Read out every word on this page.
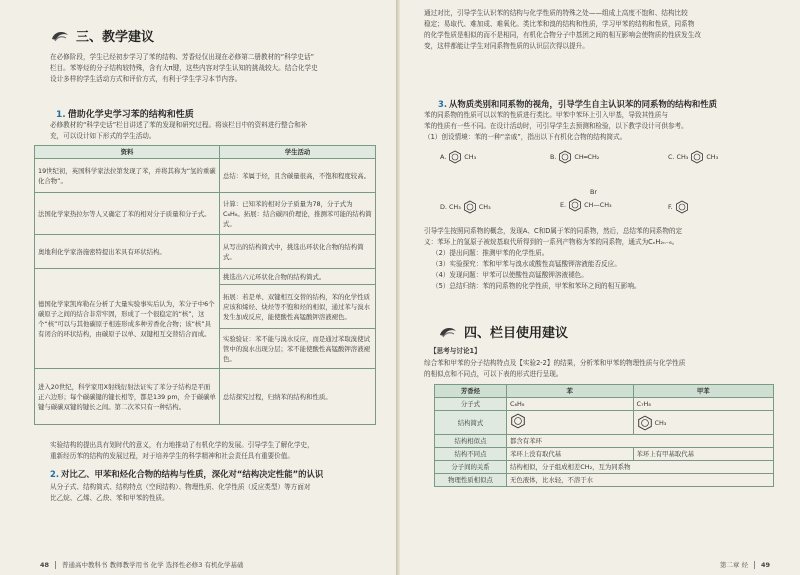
三、教学建议
在必修阶段，学生已经初步学习了苯的结构、芳香烃仅出现在必修第二册教材的“科学史话”
栏目。苯等烃的分子结构较特殊，含有大π键，这些内容对学生认知的挑战较大。结合化学史
设计多样的学生活动方式和评价方式，有利于学生学习本节内容。
1. 借助化学史学习苯的结构和性质
必修教材的“科学史话”栏目讲述了苯的发现和研究过程。将该栏目中的资料进行整合和补
充，可以设计如下形式的学生活动。
资料	学生活动
19世纪初，英国科学家法拉第发现了苯，并将其称为“氢的重碳化合物”。	总结：苯属于烃，且含碳量很高，不饱和程度较高。
法国化学家热拉尔等人又确定了苯的相对分子质量和分子式。	计算：已知苯的相对分子质量为78，分子式为C₆H₆。拓展：结合碳四价理论，推测苯可能的结构简式。
奥地利化学家洛施密特提出苯具有环状结构。	从写出的结构简式中，挑选出环状化合物的结构简式。
德国化学家凯库勒在分析了大量实验事实后认为，苯分子中6个碳原子之间的结合非常牢固，形成了一个很稳定的“核”，这个“核”可以与其他碳原子相连形成多种芳香化合物；该“核”具有闭合的环状结构，由碳原子以单、双键相互交替结合而成。	挑选出六元环状化合物的结构简式。
	拓展：若是单、双键相互交替的结构，苯的化学性质应该和烯烃、炔烃等不饱和烃的相似，通过苯与溴水发生加成反应，能使酸性高锰酸钾溶液褪色。
	实验验证：苯不能与溴水反应，而是通过苯取溴使试管中的溴水出现分层；苯不能使酸性高锰酸钾溶液褪色。
进入20世纪，科学家用X射线衍射法证实了苯分子结构是平面正六边形；每个碳碳键的键长相等，都是139 pm，介于碳碳单键与碳碳双键的键长之间。第二次苯只有一种结构。	总结探究过程，归纳苯的结构和性质。
实验结构的提出具有划时代的意义，有力地推动了有机化学的发展。引导学生了解化学史，
重新经历苯的结构的发展过程，对于培养学生的科学精神和社会责任具有重要价值。
2. 对比乙、甲苯和烃化合物的结构与性质，深化对“结构决定性能”的认识
从分子式、结构简式、结构特点（空间结构）、物理性质、化学性质（反应类型）等方面对
比乙烷、乙烯、乙炔、苯和甲苯的性质。
48 普通高中教科书 教师教学用书 化学 选择性必修3 有机化学基础
通过对比，引导学生认识苯的结构与化学性质的特殊之处——组成上高度不饱和、结构比较
稳定；易取代、难加成、难氧化。类比苯和溴的结构和性质，学习甲苯的结构和性质，同系物
的化学性质是相似的而不是相同，有机化合物分子中基团之间的相互影响会使物质的性质发生改
变，这样都能让学生对同系物性质的认识层次得以提升。
3. 从物质类别和同系物的视角，引导学生自主认识苯的同系物的结构和性质
苯的同系物的性质可以以苯的性质进行类比。甲苯中苯环上引入甲基，导致其性质与
苯的性质有一些不同。在设计活动时，可引导学生去预测和检验，以下教学设计可供参考。
（1）创设情境：苯的一种“亲戚”，指出以下有机化合物的结构简式。
A.	CH₃	B.	CH═CH₂	C. CH₃	CH₃
D. CH₃	CH₃
Br
E.	CH—CH₃	F.
引导学生按照同系物的概念，发现A、C和D属于苯的同系物，然后，总结苯的同系物的定
义：苯环上的氢原子被烷基取代所得到的一系列产物称为苯的同系物，通式为CₙH₂ₙ₋₆。
（2）提出问题：推测甲苯的化学性质。
（3）实验探究：苯和甲苯与溴水或酸性高锰酸钾溶液能否反应。
（4）发现问题：甲苯可以使酸性高锰酸钾溶液褪色。
（5）总结归纳：苯的同系物的化学性质，甲苯和苯环之间的相互影响。
四、栏目使用建议
【思考与讨论1】
综合苯和甲苯的分子结构特点及【实验2-2】的结果，分析苯和甲苯的物理性质与化学性质
的相似点和不同点，可以下表的形式进行呈现。
芳香烃	苯	甲苯
分子式	C₆H₆	C₇H₈
结构简式		CH₃

结构相似点	都含有苯环	
结构不同点	苯环上没有取代基	苯环上有甲基取代基
分子间的关系	结构相似，分子组成相差CH₂，互为同系物	
物理性质相似点	无色液体，比水轻，不溶于水	
第二章 烃 49
